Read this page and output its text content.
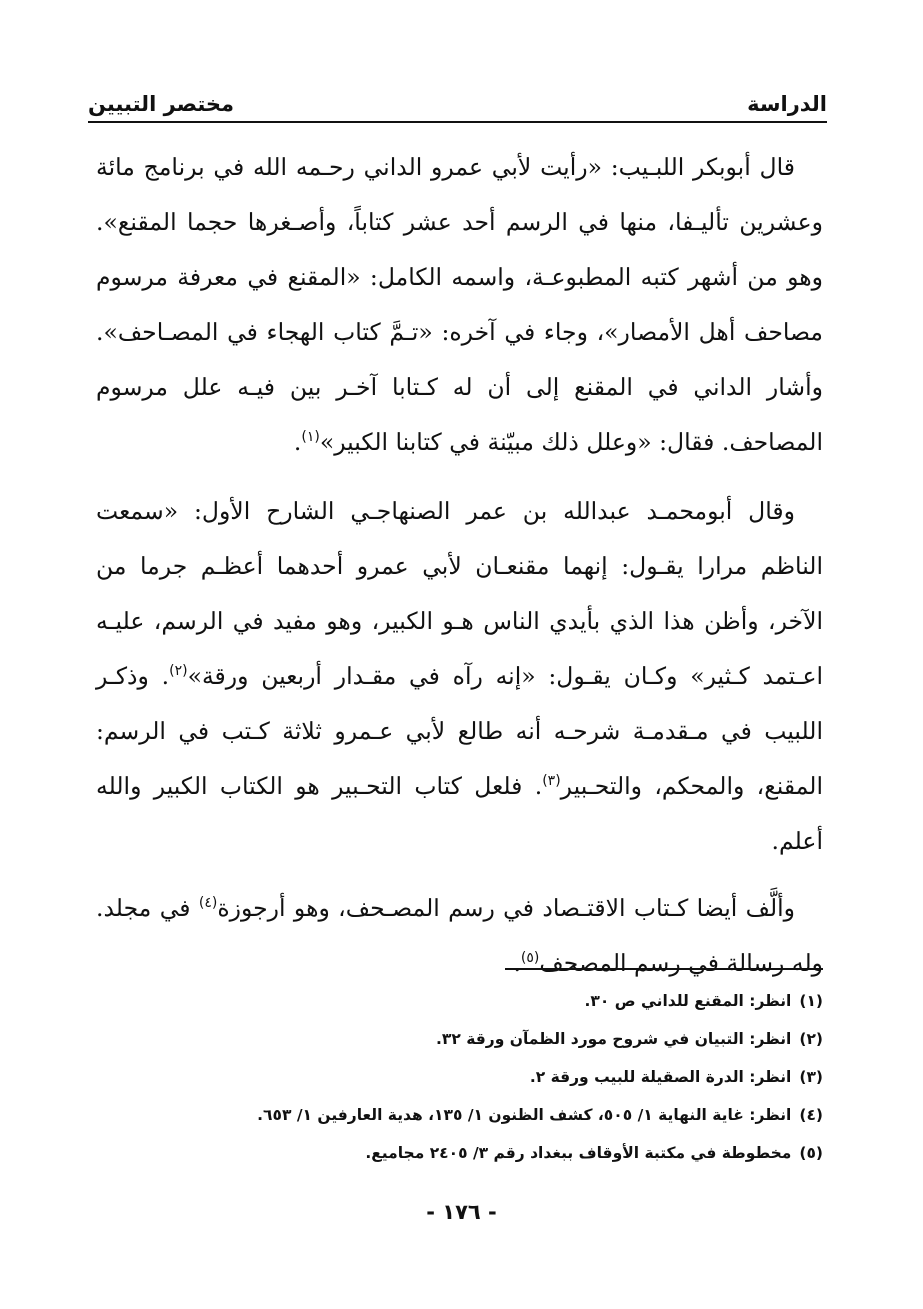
الدراسة
مختصر التبيين

قال أبوبكر اللبـيب: «رأيت لأبي عمرو الداني رحـمه الله في برنامج مائة وعشرين تأليـفا، منها في الرسم أحد عشر كتاباً، وأصـغرها حجما المقنع». وهو من أشهر كتبه المطبوعـة، واسمه الكامل: «المقنع في معرفة مرسوم مصاحف أهل الأمصار»، وجاء في آخره: «تـمَّ كتاب الهجاء في المصـاحف». وأشار الداني في المقنع إلى أن له كـتابا آخـر بين فيـه علل مرسوم المصاحف. فقال: «وعلل ذلك مبيّنة في كتابنا الكبير»$^{(١)}$.

وقال أبومحمـد عبدالله بن عمر الصنهاجـي الشارح الأول: «سمعت الناظم مرارا يقـول: إنهما مقنعـان لأبي عمرو أحدهما أعظـم جرما من الآخر، وأظن هذا الذي بأيدي الناس هـو الكبير، وهو مفيد في الرسم، عليـه اعـتمد كـثير» وكـان يقـول: «إنه رآه في مقـدار أربعين ورقة»$^{(٢)}$. وذكـر اللبيب في مـقدمـة شرحـه أنه طالع لأبي عـمرو ثلاثة كـتب في الرسم: المقنع، والمحكم، والتحـبير$^{(٣)}$. فلعل كتاب التحـبير هو الكتاب الكبير والله أعلم.

وألَّف أيضا كـتاب الاقتـصاد في رسم المصـحف، وهو أرجوزة$^{(٤)}$ في مجلد. وله رسالة في رسم المصحف$^{(٥)}$.

(١)انظر: المقنع للداني ص ٣٠.
(٢)انظر: التبيان في شروح مورد الظمآن ورقة ٣٢.
(٣)انظر: الدرة الصقيلة للبيب ورقة ٢.
(٤)انظر: غاية النهاية ١/ ٥٠٥، كشف الظنون ١/ ١٣٥، هدية العارفين ١/ ٦٥٣.
(٥)مخطوطة في مكتبة الأوقاف ببغداد رقم ٣/ ٢٤٠٥ مجاميع.
- ١٧٦ -
